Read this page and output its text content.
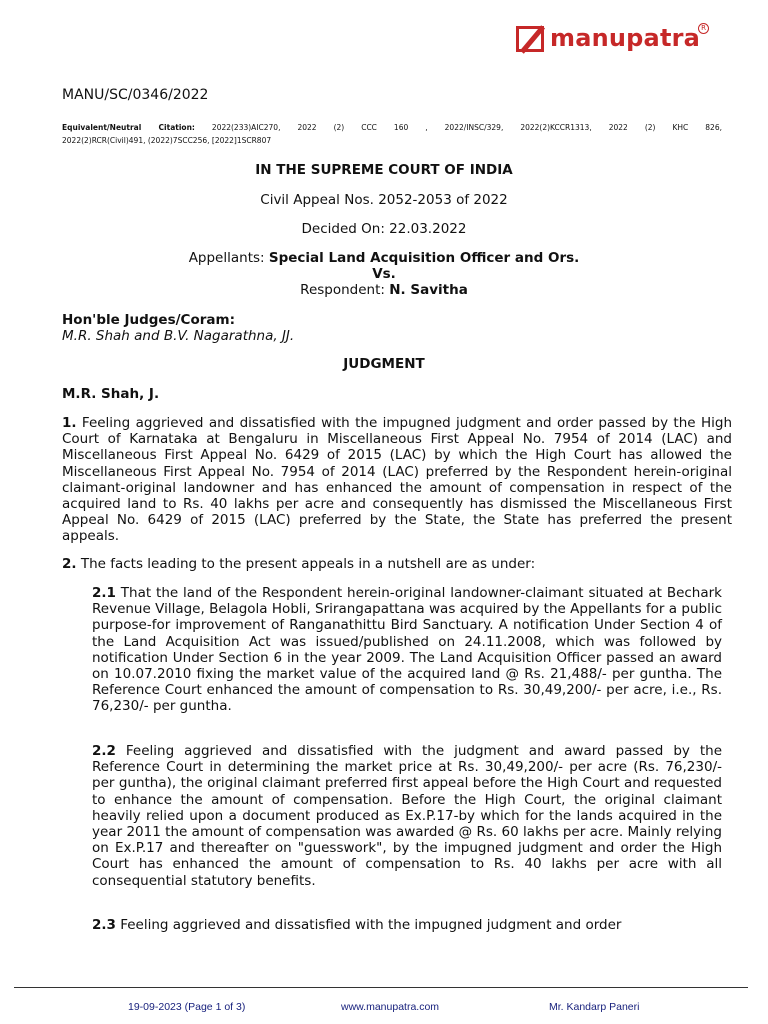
manupatra R
MANU/SC/0346/2022
Equivalent/Neutral Citation: 2022(233)AIC270, 2022 (2) CCC 160 , 2022/INSC/329, 2022(2)KCCR1313, 2022 (2) KHC 826,
2022(2)RCR(Civil)491, (2022)7SCC256, [2022]1SCR807
IN THE SUPREME COURT OF INDIA
Civil Appeal Nos. 2052-2053 of 2022
Decided On: 22.03.2022
Appellants: Special Land Acquisition Officer and Ors.
Vs.
Respondent: N. Savitha
Hon'ble Judges/Coram:
M.R. Shah and B.V. Nagarathna, JJ.
JUDGMENT
M.R. Shah, J.

1. Feeling aggrieved and dissatisfied with the impugned judgment and order passed by the High Court of Karnataka at Bengaluru in Miscellaneous First Appeal No. 7954 of 2014 (LAC) and Miscellaneous First Appeal No. 6429 of 2015 (LAC) by which the High Court has allowed the Miscellaneous First Appeal No. 7954 of 2014 (LAC) preferred by the Respondent herein-original claimant-original landowner and has enhanced the amount of compensation in respect of the acquired land to Rs. 40 lakhs per acre and consequently has dismissed the Miscellaneous First Appeal No. 6429 of 2015 (LAC) preferred by the State, the State has preferred the present appeals.

2. The facts leading to the present appeals in a nutshell are as under:

2.1 That the land of the Respondent herein-original landowner-claimant situated at Bechark Revenue Village, Belagola Hobli, Srirangapattana was acquired by the Appellants for a public purpose-for improvement of Ranganathittu Bird Sanctuary. A notification Under Section 4 of the Land Acquisition Act was issued/published on 24.11.2008, which was followed by notification Under Section 6 in the year 2009. The Land Acquisition Officer passed an award on 10.07.2010 fixing the market value of the acquired land @ Rs. 21,488/- per guntha. The Reference Court enhanced the amount of compensation to Rs. 30,49,200/- per acre, i.e., Rs. 76,230/- per guntha.

2.2 Feeling aggrieved and dissatisfied with the judgment and award passed by the Reference Court in determining the market price at Rs. 30,49,200/- per acre (Rs. 76,230/- per guntha), the original claimant preferred first appeal before the High Court and requested to enhance the amount of compensation. Before the High Court, the original claimant heavily relied upon a document produced as Ex.P.17-by which for the lands acquired in the year 2011 the amount of compensation was awarded @ Rs. 60 lakhs per acre. Mainly relying on Ex.P.17 and thereafter on "guesswork", by the impugned judgment and order the High Court has enhanced the amount of compensation to Rs. 40 lakhs per acre with all consequential statutory benefits.

2.3 Feeling aggrieved and dissatisfied with the impugned judgment and order

19-09-2023 (Page 1 of 3)	www.manupatra.com	Mr. Kandarp Paneri
